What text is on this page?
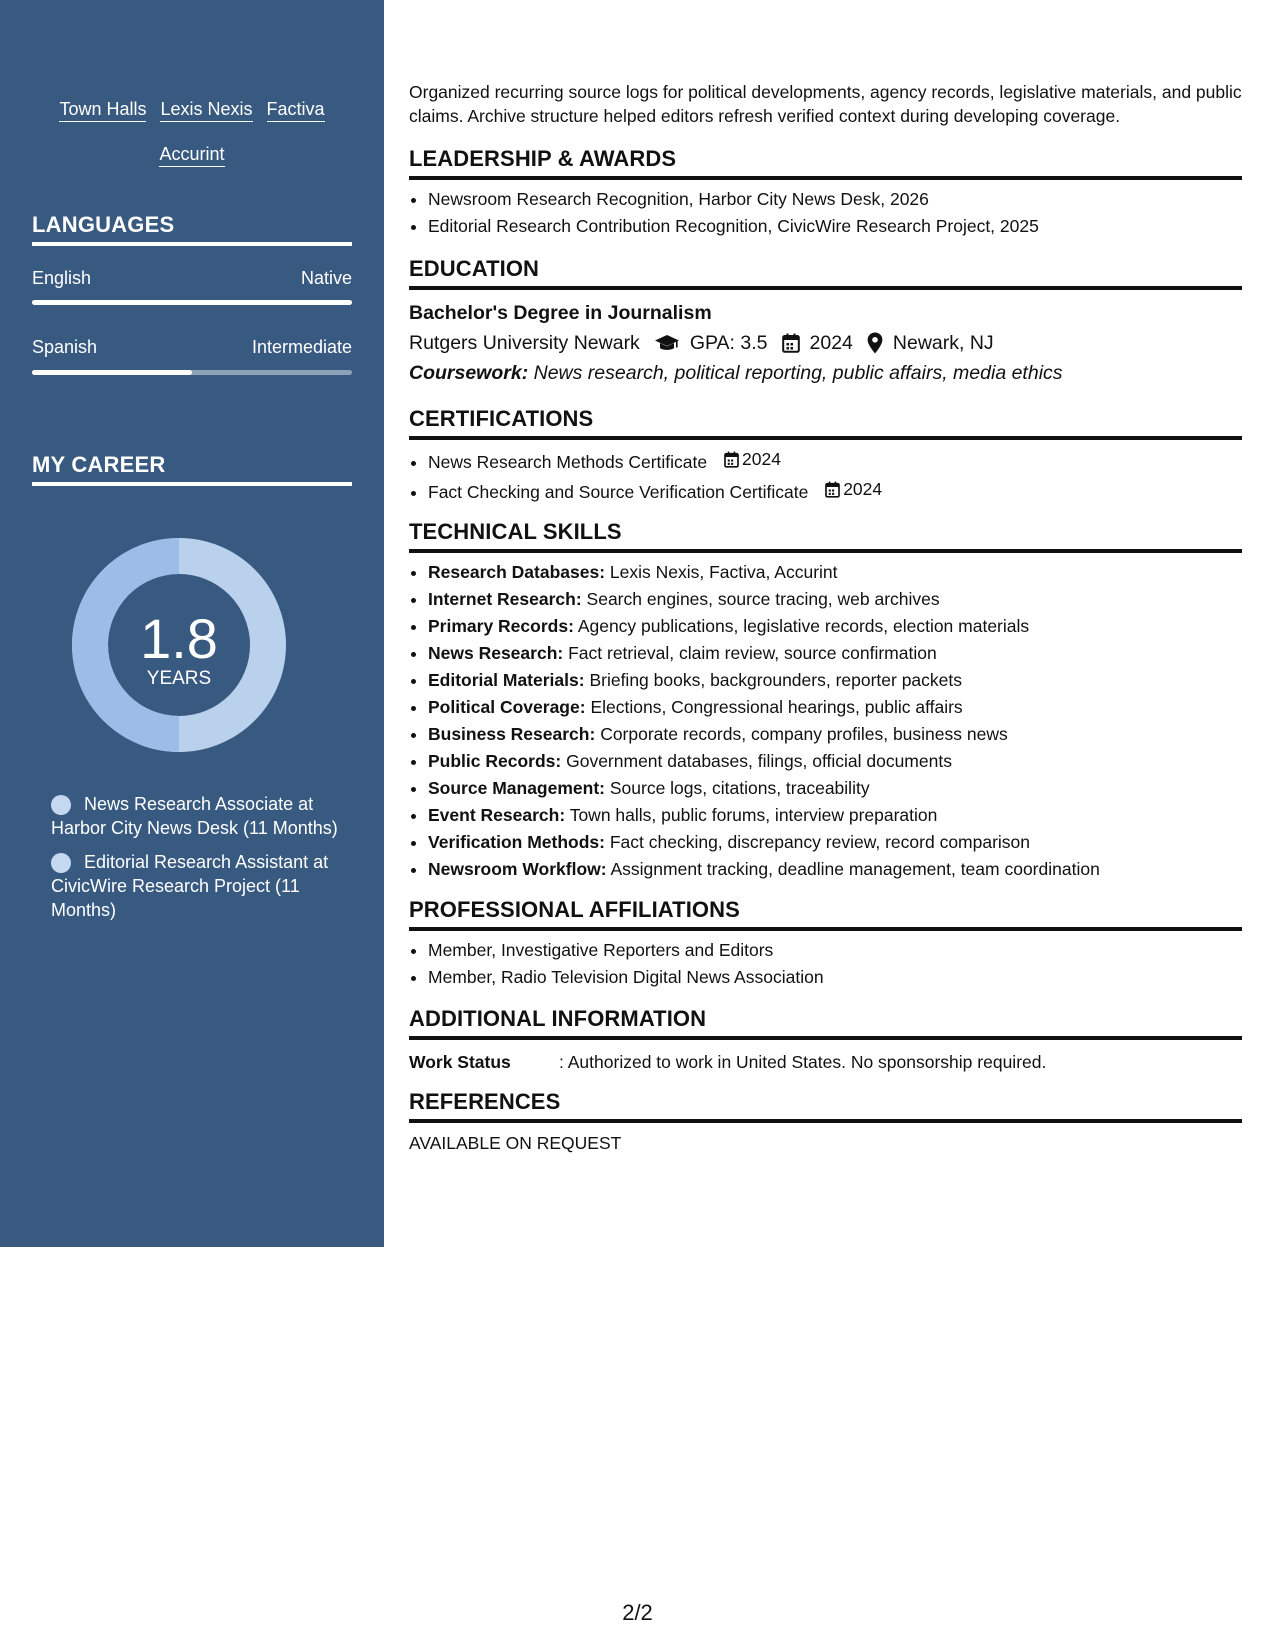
Town Halls Lexis Nexis Factiva
Accurint
LANGUAGES
English	Native
Spanish	Intermediate
MY CAREER
1.8
YEARS
News Research Associate at Harbor City News Desk (11 Months)
Editorial Research Assistant at CivicWire Research Project (11 Months)

Organized recurring source logs for political developments, agency records, legislative materials, and public claims. Archive structure helped editors refresh verified context during developing coverage.

LEADERSHIP & AWARDS
• Newsroom Research Recognition, Harbor City News Desk, 2026
• Editorial Research Contribution Recognition, CivicWire Research Project, 2025
EDUCATION
Bachelor's Degree in Journalism
Rutgers University Newark	GPA: 3.5 2024 Newark, NJ
Coursework: News research, political reporting, public affairs, media ethics
CERTIFICATIONS
• News Research Methods Certificate 2024
• Fact Checking and Source Verification Certificate 2024
TECHNICAL SKILLS
• Research Databases: Lexis Nexis, Factiva, Accurint
• Internet Research: Search engines, source tracing, web archives
• Primary Records: Agency publications, legislative records, election materials
• News Research: Fact retrieval, claim review, source confirmation
• Editorial Materials: Briefing books, backgrounders, reporter packets
• Political Coverage: Elections, Congressional hearings, public affairs
• Business Research: Corporate records, company profiles, business news
• Public Records: Government databases, filings, official documents
• Source Management: Source logs, citations, traceability
• Event Research: Town halls, public forums, interview preparation
• Verification Methods: Fact checking, discrepancy review, record comparison
• Newsroom Workflow: Assignment tracking, deadline management, team coordination
PROFESSIONAL AFFILIATIONS
• Member, Investigative Reporters and Editors
• Member, Radio Television Digital News Association
ADDITIONAL INFORMATION
Work Status	: Authorized to work in United States. No sponsorship required.
REFERENCES
AVAILABLE ON REQUEST
2/2
